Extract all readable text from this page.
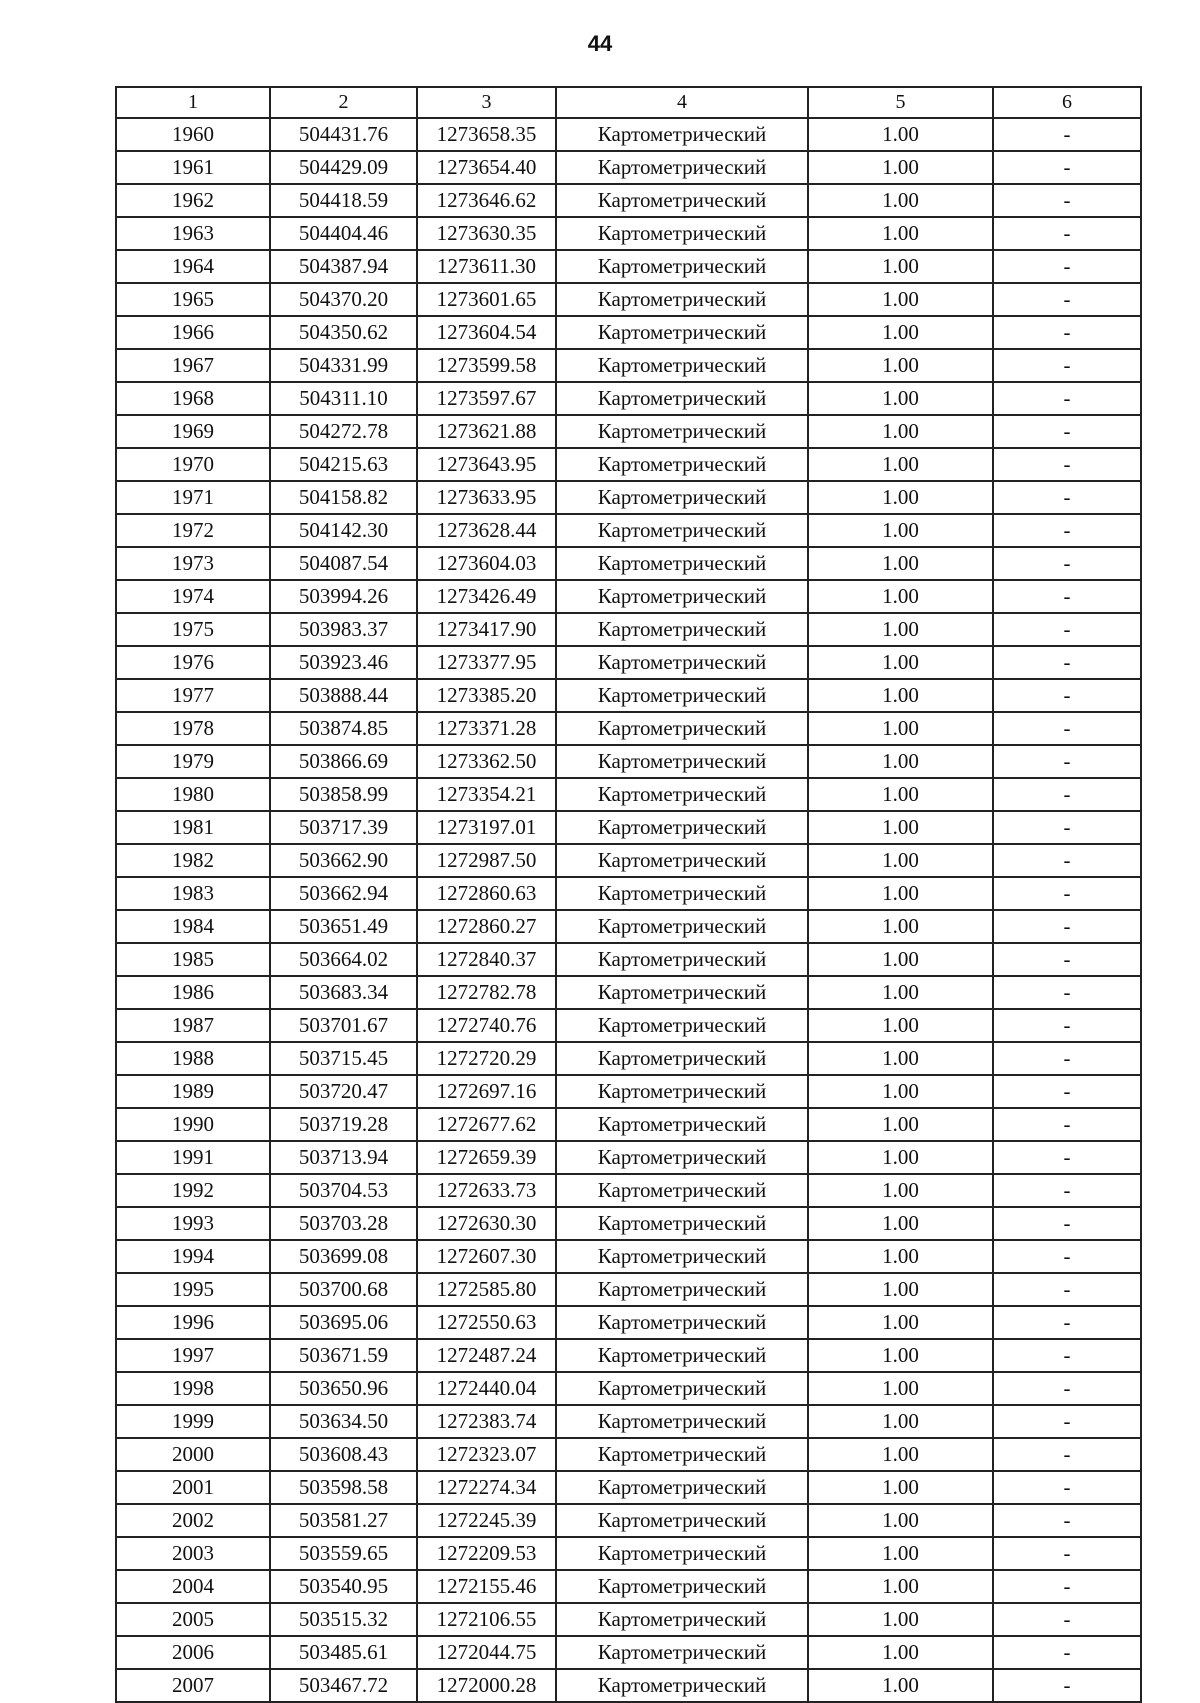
44
1	2	3	4	5	6
1960	504431.76	1273658.35	Картометрический	1.00	-
1961	504429.09	1273654.40	Картометрический	1.00	-
1962	504418.59	1273646.62	Картометрический	1.00	-
1963	504404.46	1273630.35	Картометрический	1.00	-
1964	504387.94	1273611.30	Картометрический	1.00	-
1965	504370.20	1273601.65	Картометрический	1.00	-
1966	504350.62	1273604.54	Картометрический	1.00	-
1967	504331.99	1273599.58	Картометрический	1.00	-
1968	504311.10	1273597.67	Картометрический	1.00	-
1969	504272.78	1273621.88	Картометрический	1.00	-
1970	504215.63	1273643.95	Картометрический	1.00	-
1971	504158.82	1273633.95	Картометрический	1.00	-
1972	504142.30	1273628.44	Картометрический	1.00	-
1973	504087.54	1273604.03	Картометрический	1.00	-
1974	503994.26	1273426.49	Картометрический	1.00	-
1975	503983.37	1273417.90	Картометрический	1.00	-
1976	503923.46	1273377.95	Картометрический	1.00	-
1977	503888.44	1273385.20	Картометрический	1.00	-
1978	503874.85	1273371.28	Картометрический	1.00	-
1979	503866.69	1273362.50	Картометрический	1.00	-
1980	503858.99	1273354.21	Картометрический	1.00	-
1981	503717.39	1273197.01	Картометрический	1.00	-
1982	503662.90	1272987.50	Картометрический	1.00	-
1983	503662.94	1272860.63	Картометрический	1.00	-
1984	503651.49	1272860.27	Картометрический	1.00	-
1985	503664.02	1272840.37	Картометрический	1.00	-
1986	503683.34	1272782.78	Картометрический	1.00	-
1987	503701.67	1272740.76	Картометрический	1.00	-
1988	503715.45	1272720.29	Картометрический	1.00	-
1989	503720.47	1272697.16	Картометрический	1.00	-
1990	503719.28	1272677.62	Картометрический	1.00	-
1991	503713.94	1272659.39	Картометрический	1.00	-
1992	503704.53	1272633.73	Картометрический	1.00	-
1993	503703.28	1272630.30	Картометрический	1.00	-
1994	503699.08	1272607.30	Картометрический	1.00	-
1995	503700.68	1272585.80	Картометрический	1.00	-
1996	503695.06	1272550.63	Картометрический	1.00	-
1997	503671.59	1272487.24	Картометрический	1.00	-
1998	503650.96	1272440.04	Картометрический	1.00	-
1999	503634.50	1272383.74	Картометрический	1.00	-
2000	503608.43	1272323.07	Картометрический	1.00	-
2001	503598.58	1272274.34	Картометрический	1.00	-
2002	503581.27	1272245.39	Картометрический	1.00	-
2003	503559.65	1272209.53	Картометрический	1.00	-
2004	503540.95	1272155.46	Картометрический	1.00	-
2005	503515.32	1272106.55	Картометрический	1.00	-
2006	503485.61	1272044.75	Картометрический	1.00	-
2007	503467.72	1272000.28	Картометрический	1.00	-
